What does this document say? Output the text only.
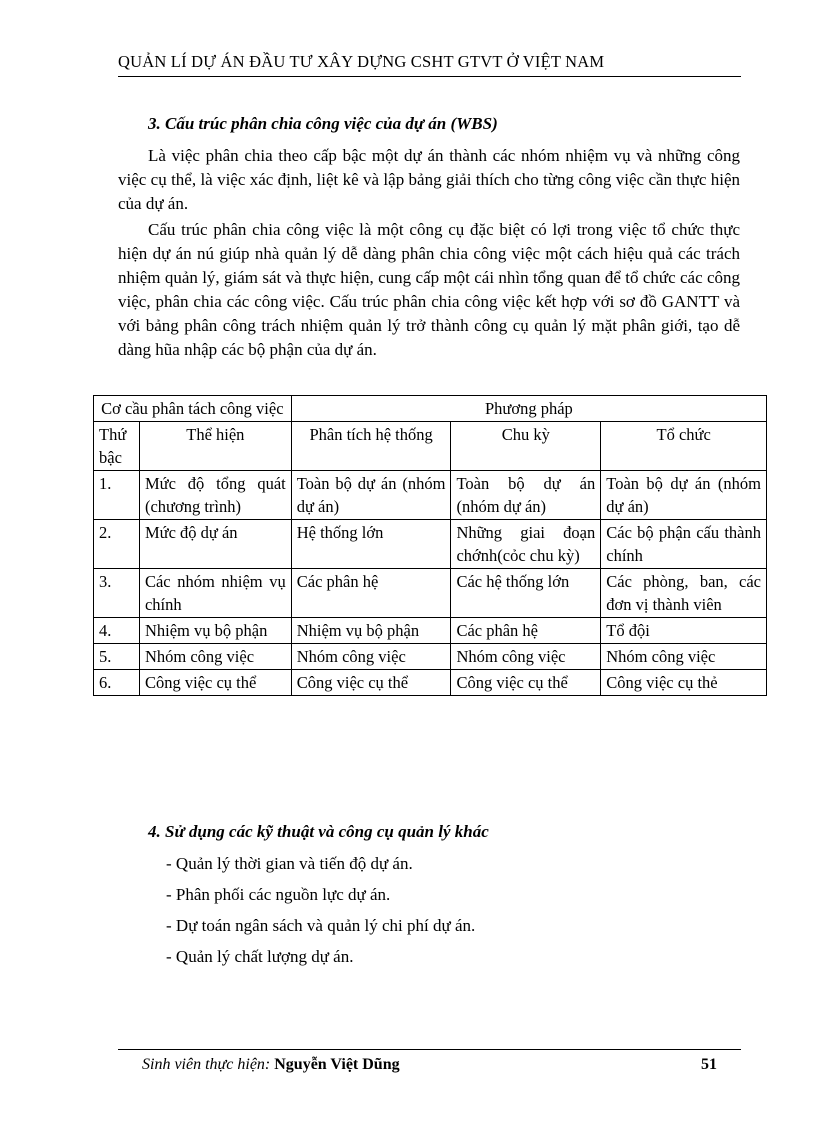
QUẢN LÍ DỰ ÁN ĐẦU TƯ XÂY DỰNG CSHT GTVT Ở VIỆT NAM
3. Cấu trúc phân chia công việc của dự án (WBS)

Là việc phân chia theo cấp bậc một dự án thành các nhóm nhiệm vụ và những công việc cụ thể, là việc xác định, liệt kê và lập bảng giải thích cho từng công việc cần thực hiện của dự án.

Cấu trúc phân chia công việc là một công cụ đặc biệt có lợi trong việc tổ chức thực hiện dự án nú giúp nhà quản lý dễ dàng phân chia công việc một cách hiệu quả các trách nhiệm quản lý, giám sát và thực hiện, cung cấp một cái nhìn tổng quan để tổ chức các công việc, phân chia các công việc. Cấu trúc phân chia công việc kết hợp với sơ đồ GANTT và với bảng phân công trách nhiệm quản lý trở thành công cụ quản lý mặt phân giới, tạo dễ dàng hũa nhập các bộ phận của dự án.

Cơ cầu phân tách công việc		Phương pháp		
Thứ bậc	Thể hiện	Phân tích hệ thống	Chu kỳ	Tổ chức
1.	Mức độ tổng quát (chương trình)	Toàn bộ dự án (nhóm dự án)	Toàn bộ dự án (nhóm dự án)	Toàn bộ dự án (nhóm dự án)
2.	Mức độ dự án	Hệ thống lớn	Những giai đoạn chớnh(cỏc chu kỳ)	Các bộ phận cấu thành chính
3.	Các nhóm nhiệm vụ chính	Các phân hệ	Các hệ thống lớn	Các phòng, ban, các đơn vị thành viên
4.	Nhiệm vụ bộ phận	Nhiệm vụ bộ phận	Các phân hệ	Tổ đội
5.	Nhóm công việc	Nhóm công việc	Nhóm công việc	Nhóm công việc
6.	Công việc cụ thể	Công việc cụ thể	Công việc cụ thể	Công việc cụ thẻ
4. Sử dụng các kỹ thuật và công cụ quản lý khác
- Quản lý thời gian và tiến độ dự án.
- Phân phối các nguồn lực dự án.
- Dự toán ngân sách và quản lý chi phí dự án.
- Quản lý chất lượng dự án.
Sinh viên thực hiện: Nguyễn Việt Dũng	51
